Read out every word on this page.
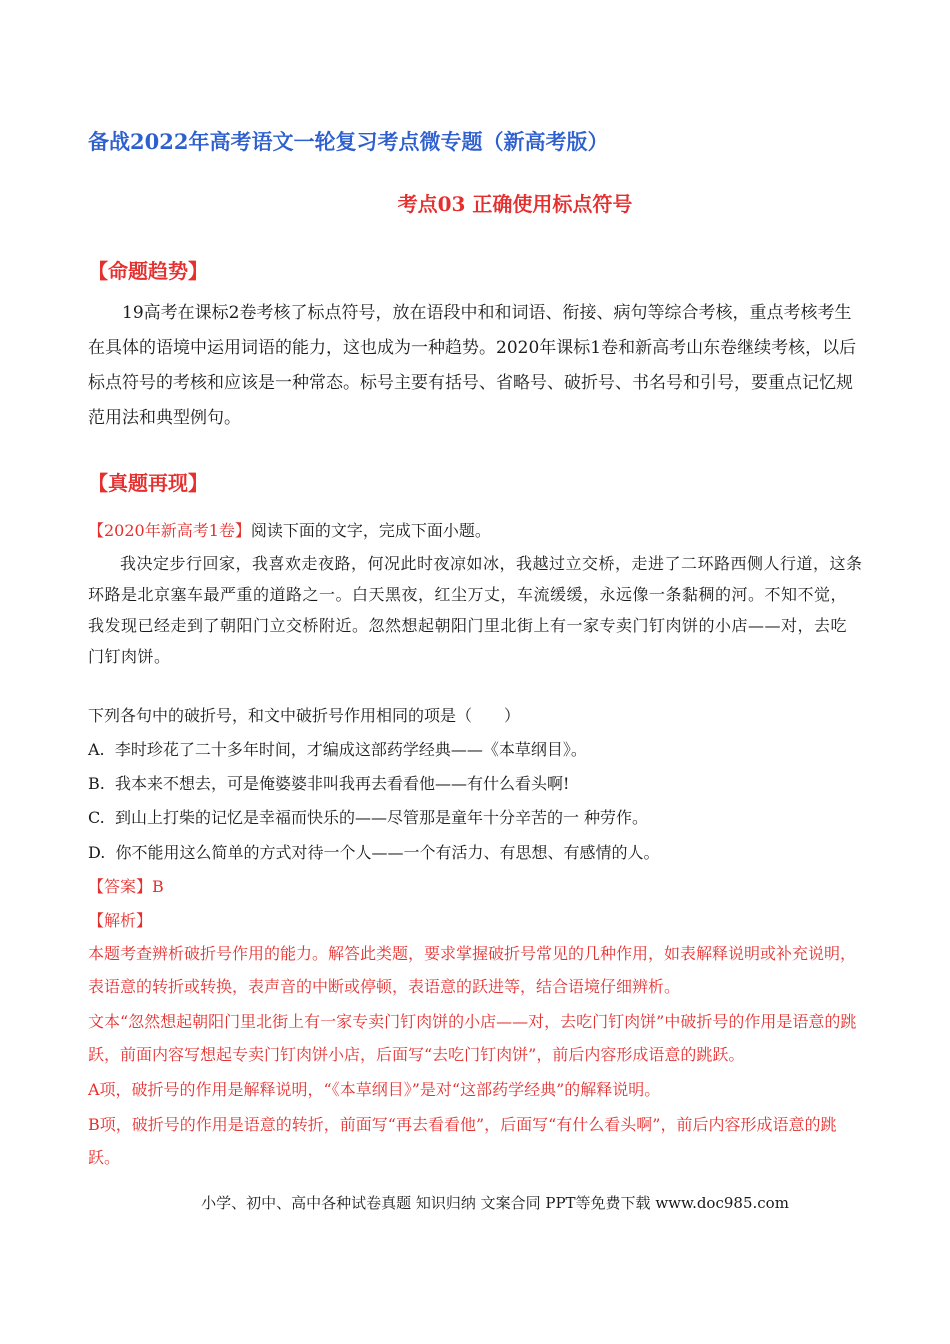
备战2022年高考语文一轮复习考点微专题（新高考版）
考点03 正确使用标点符号
【命题趋势】

19高考在课标2卷考核了标点符号，放在语段中和和词语、衔接、病句等综合考核，重点考核考生在具体的语境中运用词语的能力，这也成为一种趋势。2020年课标1卷和新高考山东卷继续考核，以后标点符号的考核和应该是一种常态。标号主要有括号、省略号、破折号、书名号和引号，要重点记忆规范用法和典型例句。

【真题再现】
【2020年新高考1卷】阅读下面的文字，完成下面小题。

我决定步行回家，我喜欢走夜路，何况此时夜凉如冰，我越过立交桥，走进了二环路西侧人行道，这条环路是北京塞车最严重的道路之一。白天黑夜，红尘万丈，车流缓缓，永远像一条黏稠的河。不知不觉，我发现已经走到了朝阳门立交桥附近。忽然想起朝阳门里北街上有一家专卖门钉肉饼的小店——对，去吃门钉肉饼。

下列各句中的破折号，和文中破折号作用相同的项是（　　）
A. 李时珍花了二十多年时间，才编成这部药学经典——《本草纲目》。
B. 我本来不想去，可是俺婆婆非叫我再去看看他——有什么看头啊!
C. 到山上打柴的记忆是幸福而快乐的——尽管那是童年十分辛苦的一 种劳作。
D. 你不能用这么简单的方式对待一个人——一个有活力、有思想、有感情的人。
【答案】B
【解析】

本题考查辨析破折号作用的能力。解答此类题，要求掌握破折号常见的几种作用，如表解释说明或补充说明，表语意的转折或转换，表声音的中断或停顿，表语意的跃进等，结合语境仔细辨析。

文本“忽然想起朝阳门里北街上有一家专卖门钉肉饼的小店——对，去吃门钉肉饼”中破折号的作用是语意的跳跃，前面内容写想起专卖门钉肉饼小店，后面写“去吃门钉肉饼”，前后内容形成语意的跳跃。

A项，破折号的作用是解释说明，“《本草纲目》”是对“这部药学经典”的解释说明。

B项，破折号的作用是语意的转折，前面写“再去看看他”，后面写“有什么看头啊”，前后内容形成语意的跳跃。

小学、初中、高中各种试卷真题 知识归纳 文案合同 PPT等免费下载 www.doc985.com
